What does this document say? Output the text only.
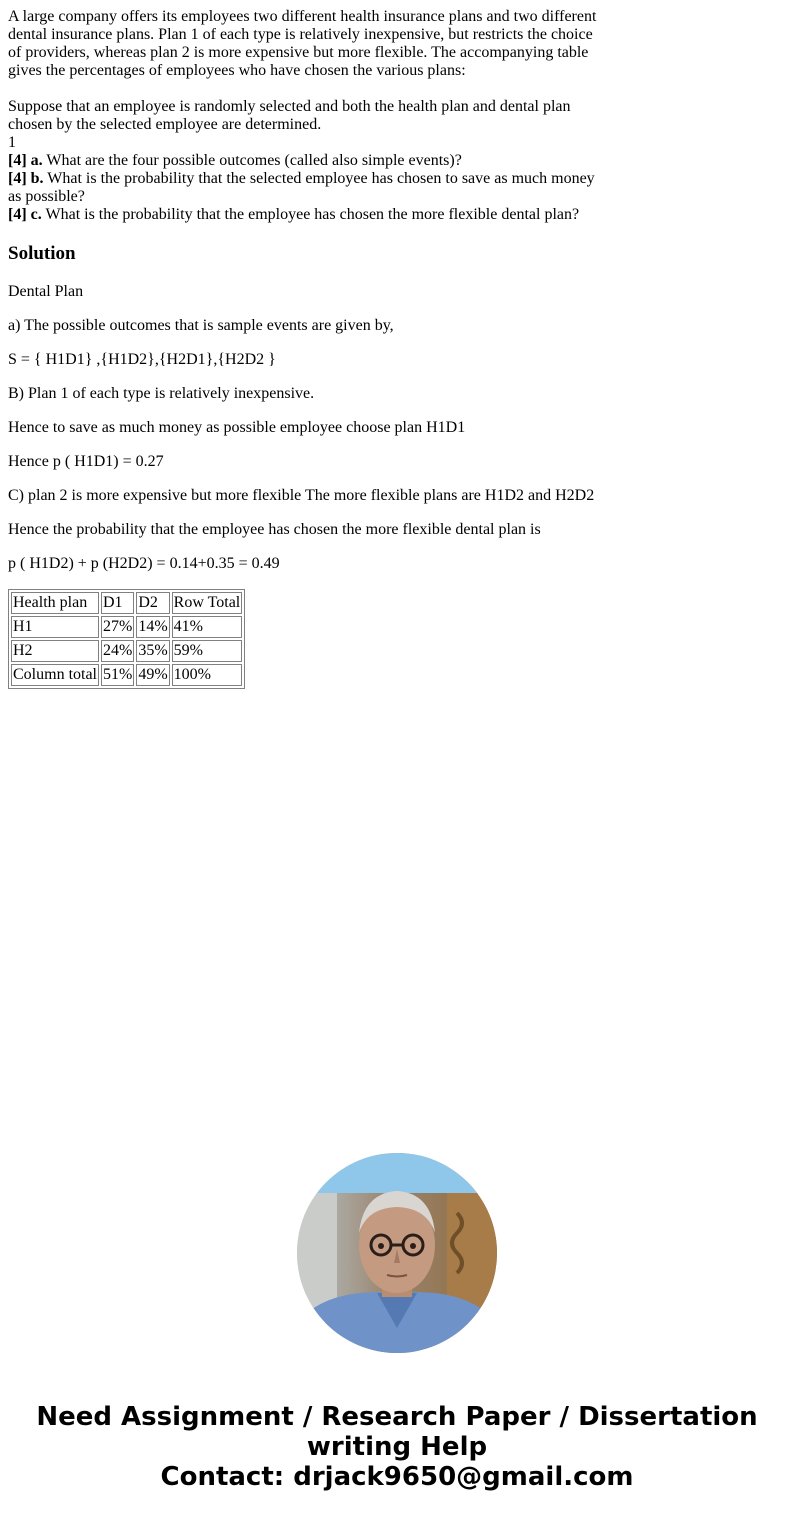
A large company offers its employees two different health insurance plans and two different dental insurance plans. Plan 1 of each type is relatively inexpensive, but restricts the choice of providers, whereas plan 2 is more expensive but more flexible. The accompanying table gives the percentages of employees who have chosen the various plans:

Suppose that an employee is randomly selected and both the health plan and dental plan chosen by the selected employee are determined.

1

[4] a. What are the four possible outcomes (called also simple events)?

[4] b. What is the probability that the selected employee has chosen to save as much money as possible?

[4] c. What is the probability that the employee has chosen the more flexible dental plan?

Solution

Dental Plan

a) The possible outcomes that is sample events are given by,

S = { H1D1} ,{H1D2},{H2D1},{H2D2 }

B) Plan 1 of each type is relatively inexpensive.

Hence to save as much money as possible employee choose plan H1D1

Hence p ( H1D1) = 0.27

C) plan 2 is more expensive but more flexible The more flexible plans are H1D2 and H2D2

Hence the probability that the employee has chosen the more flexible dental plan is

p ( H1D2) + p (H2D2) = 0.14+0.35 = 0.49

Health plan	D1	D2	Row Total
H1	27%	14%	41%
H2	24%	35%	59%
Column total	51%	49%	100%
Need Assignment / Research Paper / Dissertation
writing Help
Contact: drjack9650@gmail.com
